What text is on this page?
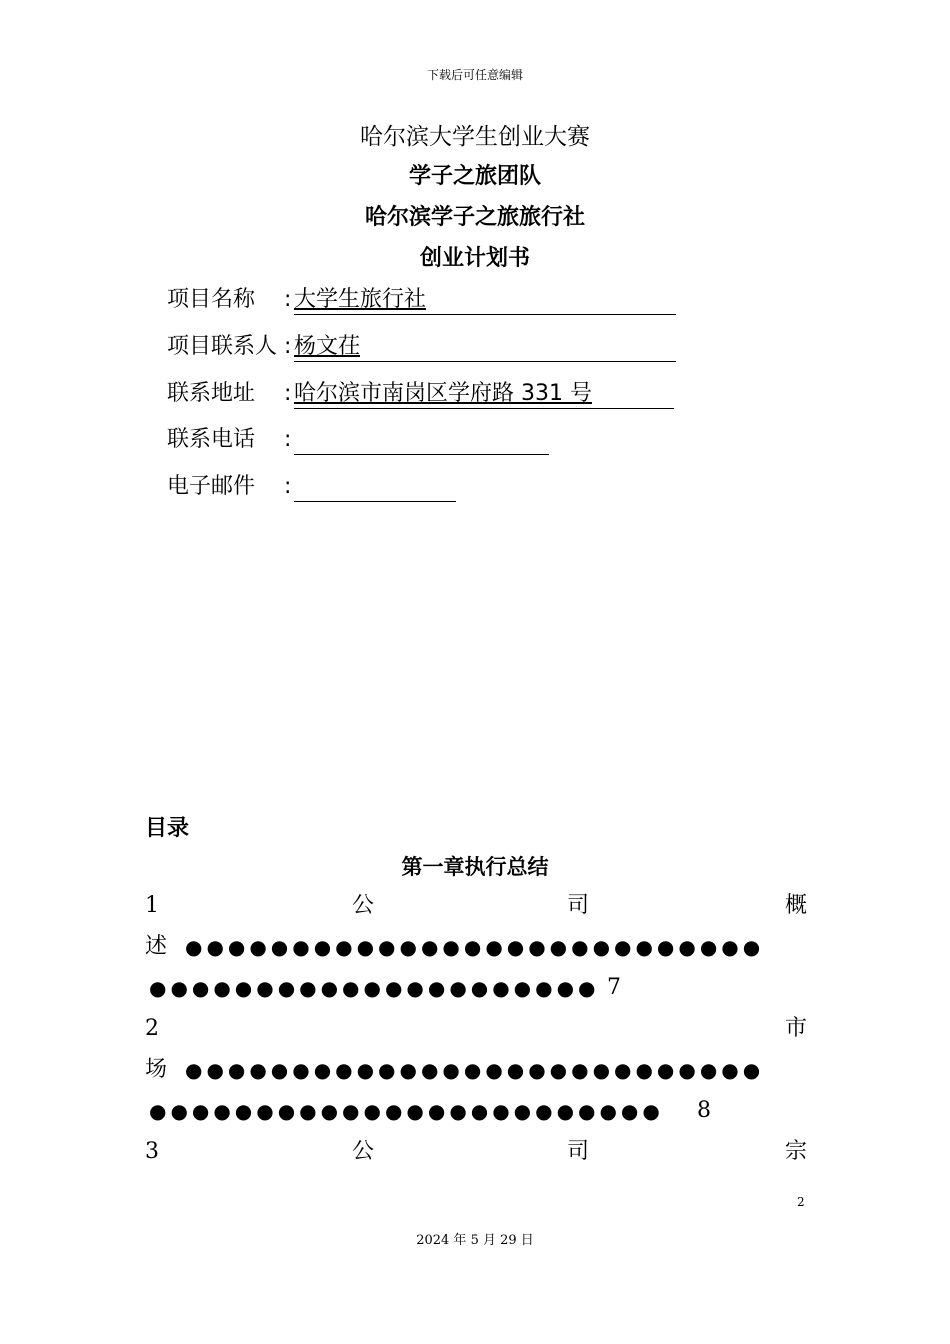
下载后可任意编辑
哈尔滨大学生创业大赛
学子之旅团队
哈尔滨学子之旅旅行社
创业计划书
项目名称 : 大学生旅行社
项目联系人 : 杨文茌
联系地址 : 哈尔滨市南岗区学府路 331 号
联系电话 :
电子邮件 :
目录
第一章执行总结
1	公	司	概
述 ●●●●●●●●●●●●●●●●●●●●●●●●●●●
●●●●●●●●●●●●●●●●●●●●● 7
2	市
场 ●●●●●●●●●●●●●●●●●●●●●●●●●●●
●●●●●●●●●●●●●●●●●●●●●●●● 8
3	公	司	宗
2
2024 年 5 月 29 日
